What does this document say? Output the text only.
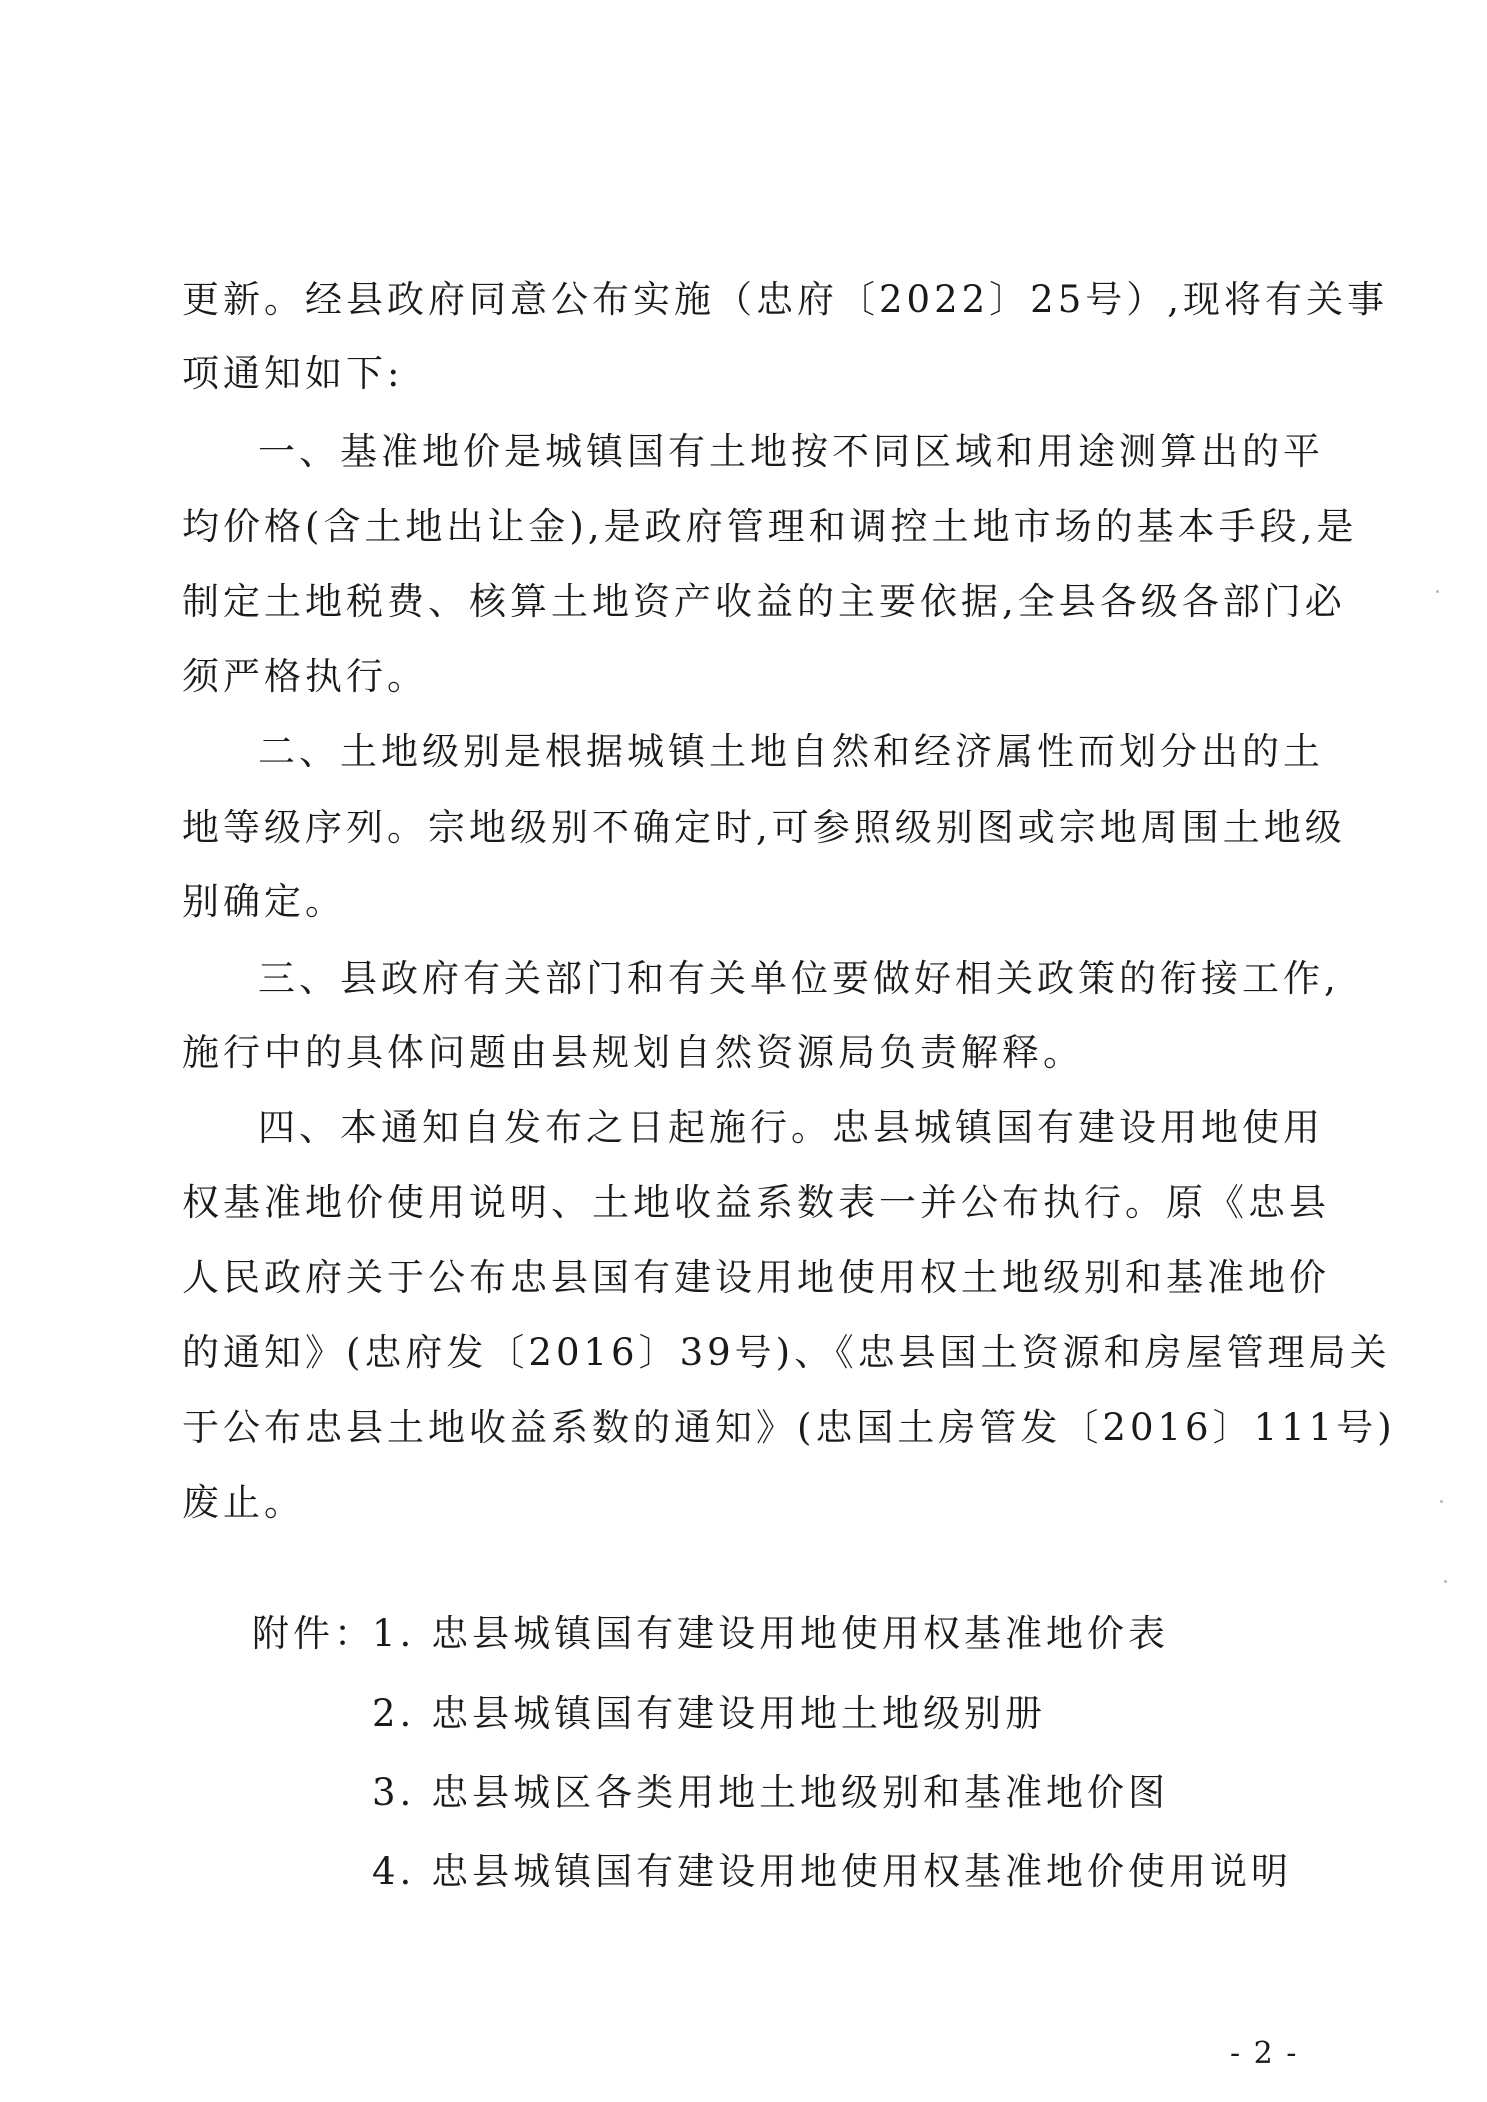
更新。经县政府同意公布实施（忠府〔2022〕25号）,现将有关事
项通知如下:
一、基准地价是城镇国有土地按不同区域和用途测算出的平
均价格(含土地出让金),是政府管理和调控土地市场的基本手段,是
制定土地税费、核算土地资产收益的主要依据,全县各级各部门必
须严格执行。
二、土地级别是根据城镇土地自然和经济属性而划分出的土
地等级序列。宗地级别不确定时,可参照级别图或宗地周围土地级
别确定。
三、县政府有关部门和有关单位要做好相关政策的衔接工作,
施行中的具体问题由县规划自然资源局负责解释。
四、本通知自发布之日起施行。忠县城镇国有建设用地使用
权基准地价使用说明、土地收益系数表一并公布执行。原《忠县
人民政府关于公布忠县国有建设用地使用权土地级别和基准地价
的通知》(忠府发〔2016〕39号)、《忠县国土资源和房屋管理局关
于公布忠县土地收益系数的通知》(忠国土房管发〔2016〕111号)
废止。
附件：
1. 忠县城镇国有建设用地使用权基准地价表
2. 忠县城镇国有建设用地土地级别册
3. 忠县城区各类用地土地级别和基准地价图
4. 忠县城镇国有建设用地使用权基准地价使用说明
- 2 -
